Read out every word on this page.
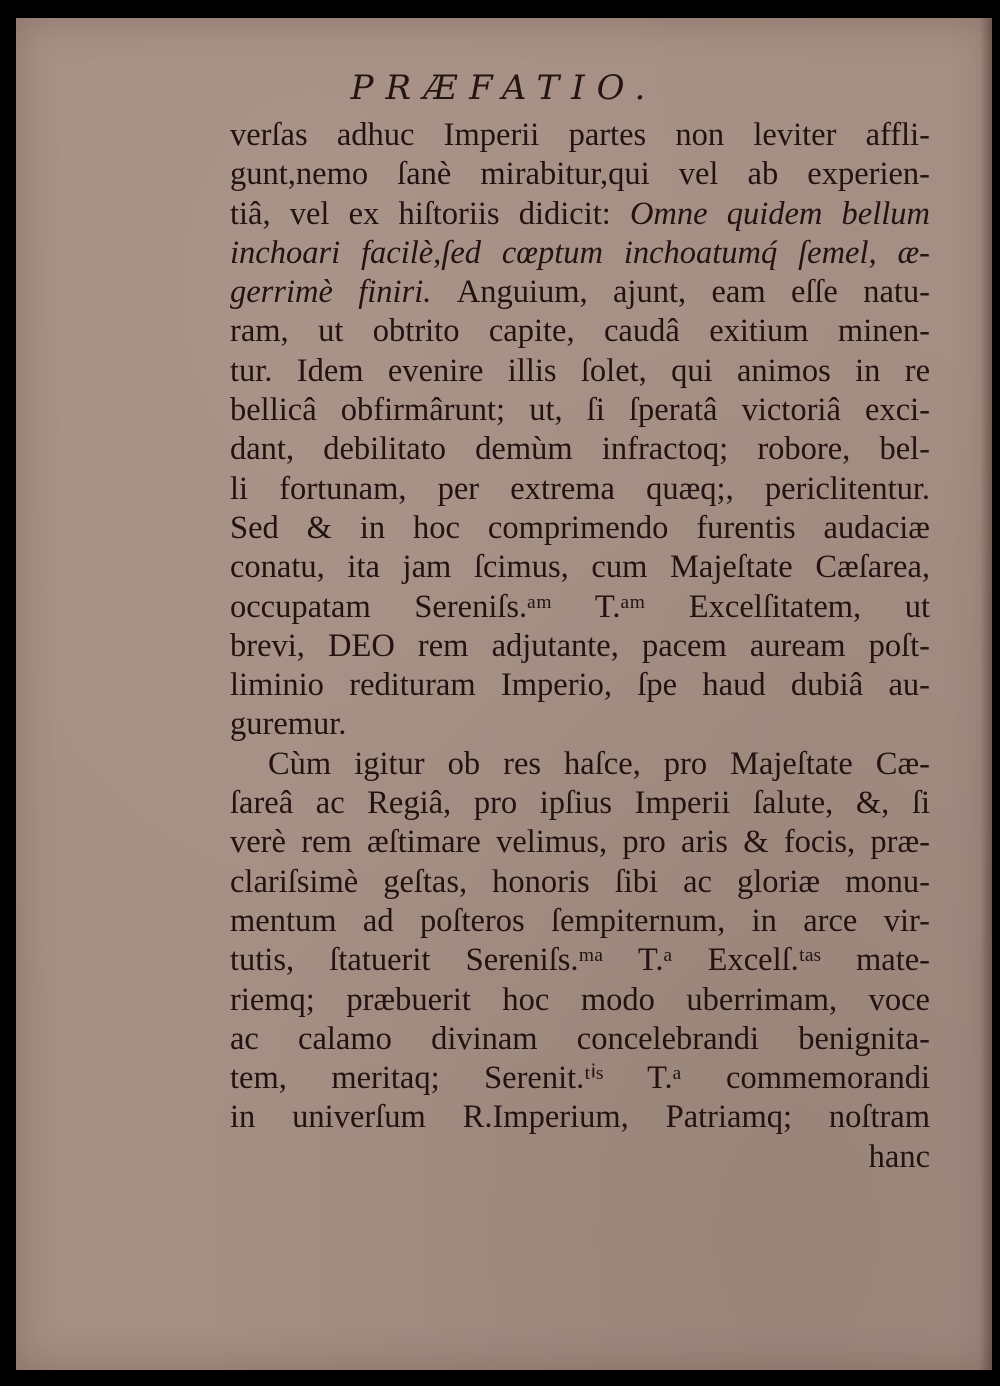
PRÆFATIO.
verſas adhuc Imperii partes non leviter affli-
gunt,nemo ſanè mirabitur,qui vel ab experien-
tiâ, vel ex hiſtoriis didicit: Omne quidem bellum
inchoari facilè,ſed cœptum inchoatumq́ ſemel, æ-
gerrimè finiri. Anguium, ajunt, eam eſſe natu-
ram, ut obtrito capite, caudâ exitium minen-
tur. Idem evenire illis ſolet, qui animos in re
bellicâ obfirmârunt; ut, ſi ſperatâ victoriâ exci-
dant, debilitato demùm infractoq; robore, bel-
li fortunam, per extrema quæq;, periclitentur.
Sed & in hoc comprimendo furentis audaciæ
conatu, ita jam ſcimus, cum Majeſtate Cæſarea,
occupatam Sereniſs.ᵃᵐ T.ᵃᵐ Excelſitatem, ut
brevi, DEO rem adjutante, pacem auream poſt-
liminio redituram Imperio, ſpe haud dubiâ au-
guremur.
Cùm igitur ob res haſce, pro Majeſtate Cæ-
ſareâ ac Regiâ, pro ipſius Imperii ſalute, &, ſi
verè rem æſtimare velimus, pro aris & focis, præ-
clariſsimè geſtas, honoris ſibi ac gloriæ monu-
mentum ad poſteros ſempiternum, in arce vir-
tutis, ſtatuerit Sereniſs.ᵐᵃ T.ᵃ Excelſ.ᵗᵃˢ mate-
riemq; præbuerit hoc modo uberrimam, voce
ac calamo divinam concelebrandi benignita-
tem, meritaq; Serenit.ᵗⁱˢ T.ᵃ commemorandi
in univerſum R.Imperium, Patriamq; noſtram
hanc
